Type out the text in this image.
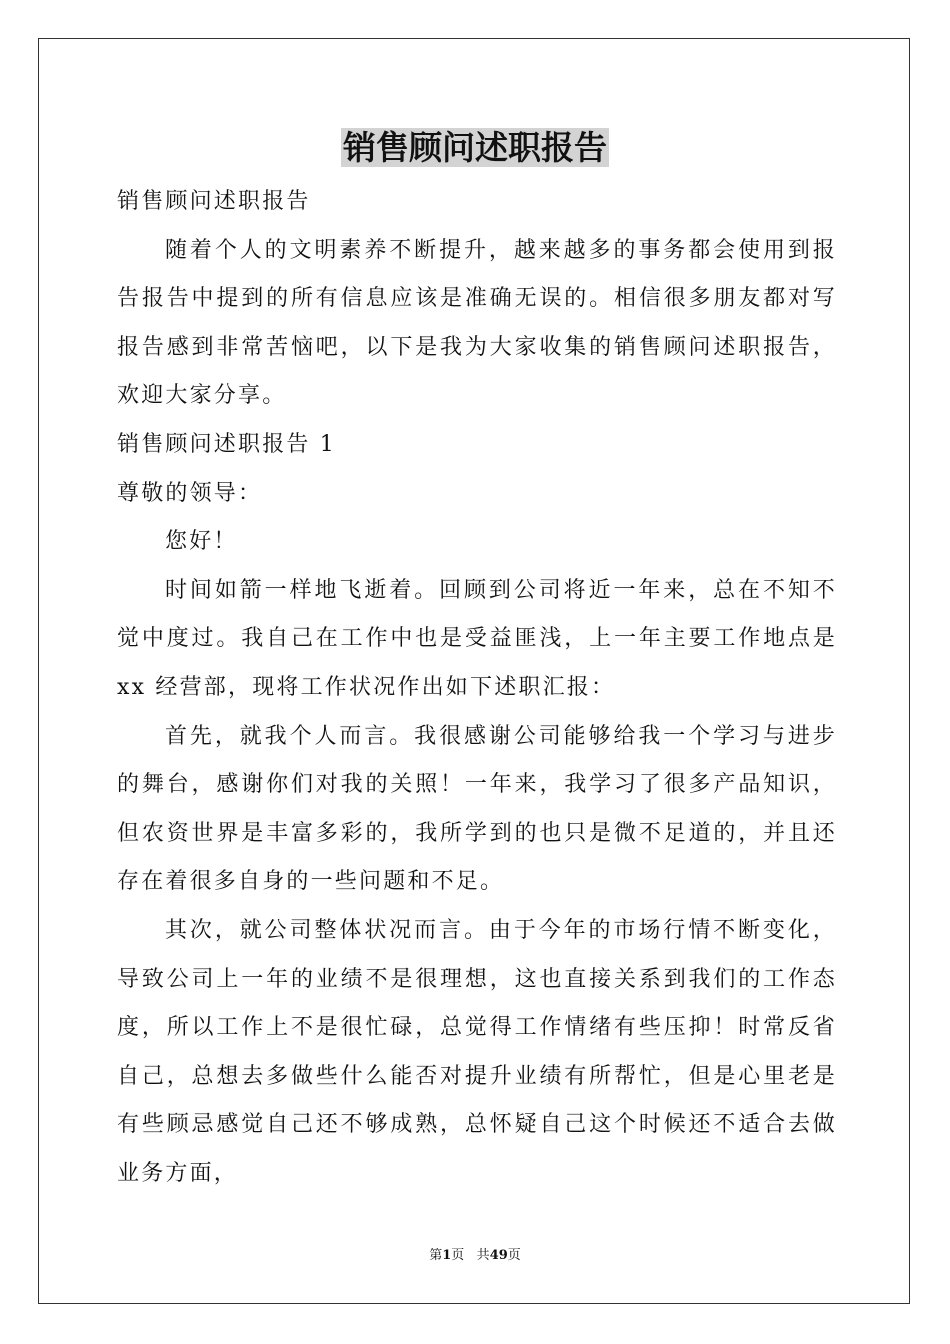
销售顾问述职报告

销售顾问述职报告

随着个人的文明素养不断提升，越来越多的事务都会使用到报告报告中提到的所有信息应该是准确无误的。相信很多朋友都对写报告感到非常苦恼吧，以下是我为大家收集的销售顾问述职报告，欢迎大家分享。

销售顾问述职报告 1

尊敬的领导：

您好！

时间如箭一样地飞逝着。回顾到公司将近一年来，总在不知不觉中度过。我自己在工作中也是受益匪浅，上一年主要工作地点是 xx 经营部，现将工作状况作出如下述职汇报：

首先，就我个人而言。我很感谢公司能够给我一个学习与进步的舞台，感谢你们对我的关照！一年来，我学习了很多产品知识，但农资世界是丰富多彩的，我所学到的也只是微不足道的，并且还存在着很多自身的一些问题和不足。

其次，就公司整体状况而言。由于今年的市场行情不断变化，导致公司上一年的业绩不是很理想，这也直接关系到我们的工作态度，所以工作上不是很忙碌，总觉得工作情绪有些压抑！时常反省自己，总想去多做些什么能否对提升业绩有所帮忙，但是心里老是有些顾忌感觉自己还不够成熟，总怀疑自己这个时候还不适合去做业务方面，

第1页 共49页
